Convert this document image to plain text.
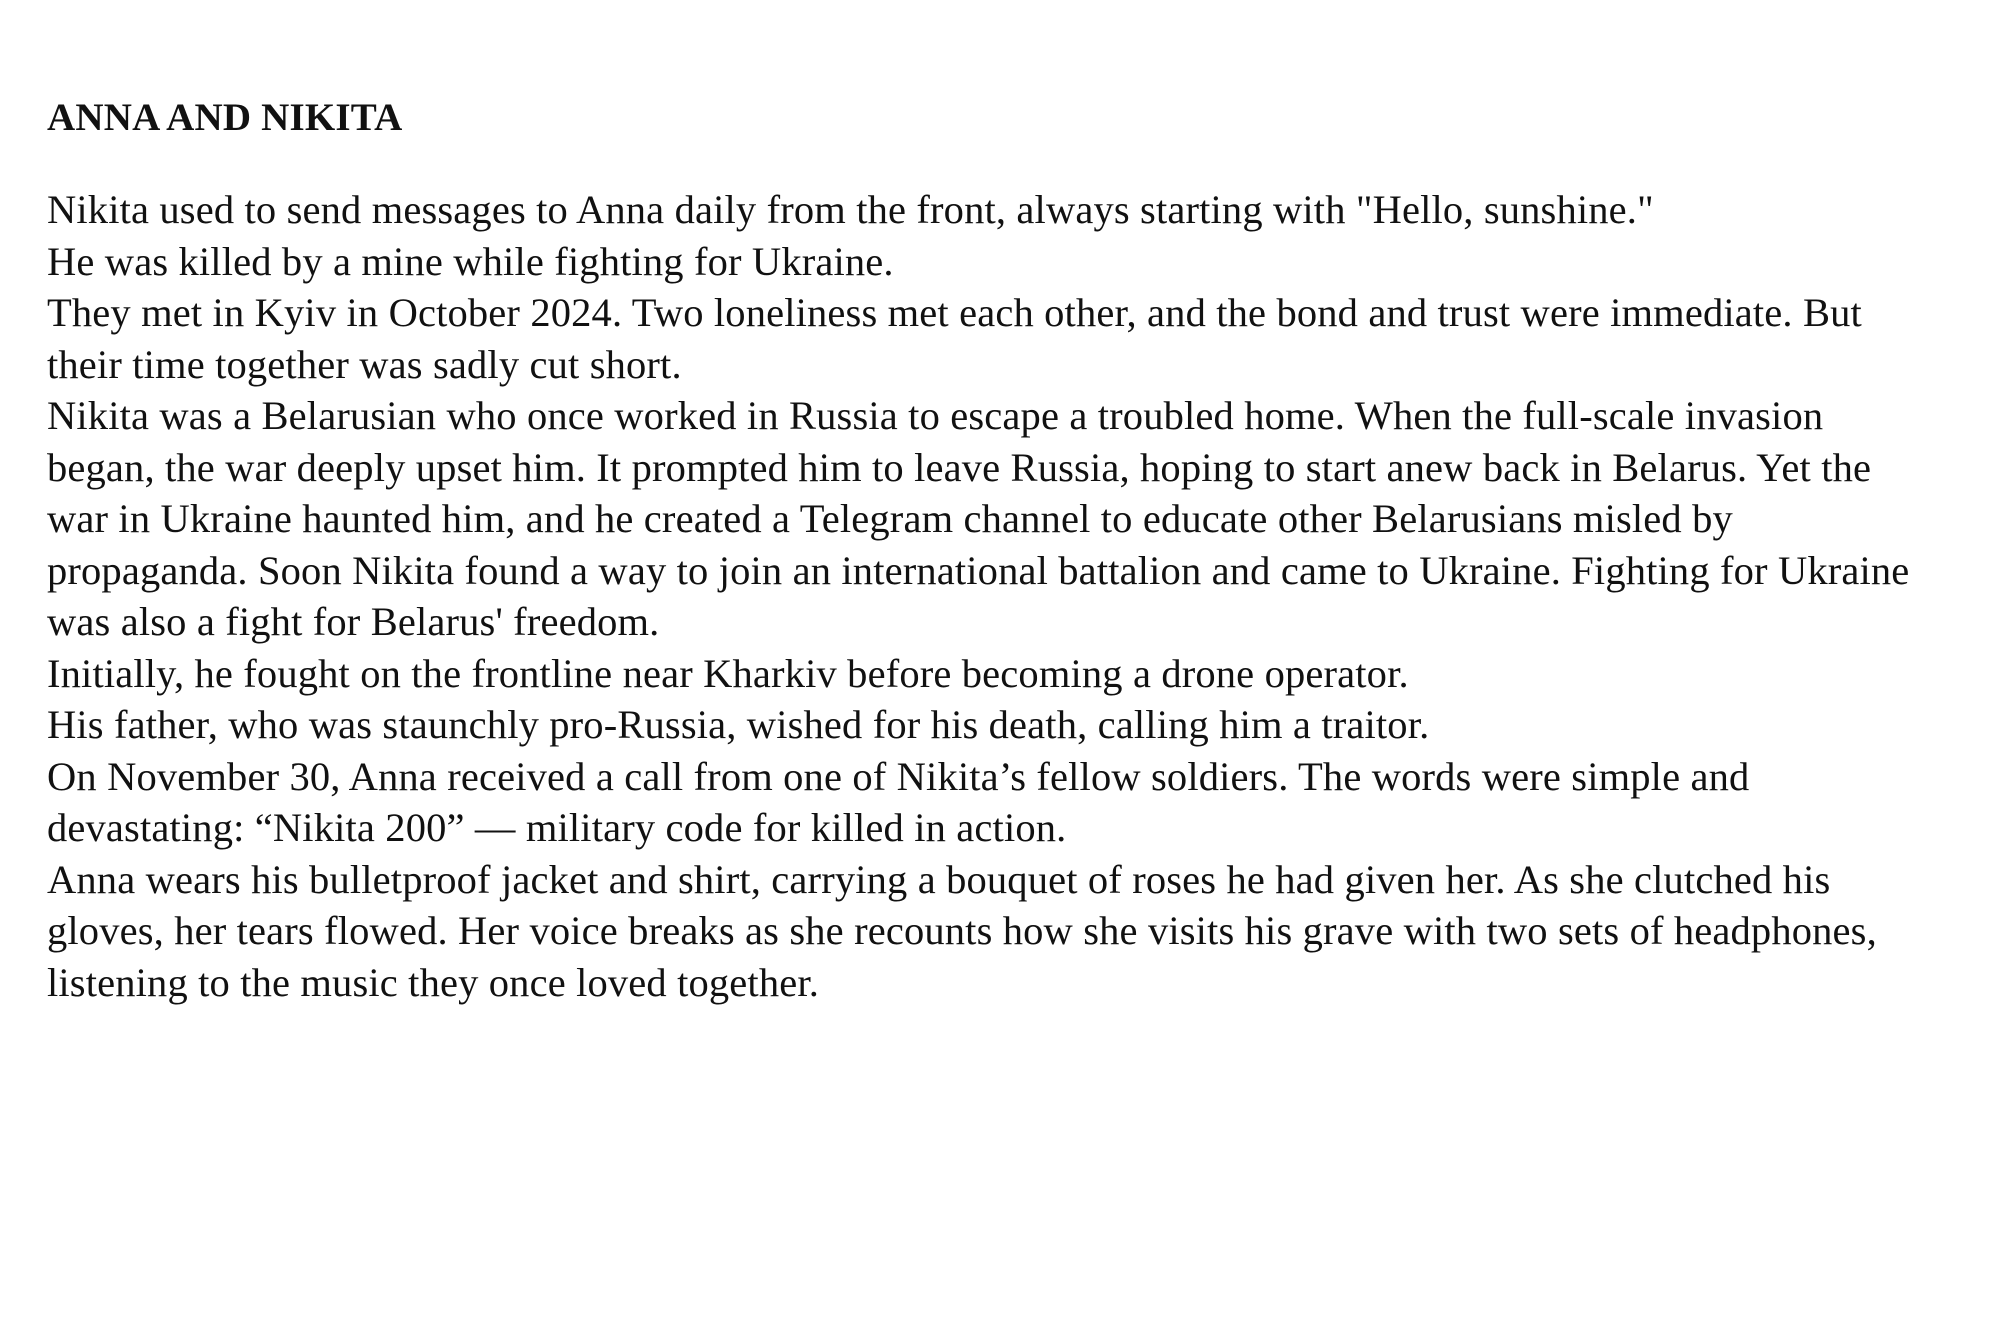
ANNA AND NIKITA

Nikita used to send messages to Anna daily from the front, always starting with "Hello, sunshine."

He was killed by a mine while fighting for Ukraine.

They met in Kyiv in October 2024. Two loneliness met each other, and the bond and trust were immediate. But their time together was sadly cut short.

Nikita was a Belarusian who once worked in Russia to escape a troubled home. When the full-scale invasion began, the war deeply upset him. It prompted him to leave Russia, hoping to start anew back in Belarus. Yet the war in Ukraine haunted him, and he created a Telegram channel to educate other Belarusians misled by propaganda. Soon Nikita found a way to join an international battalion and came to Ukraine. Fighting for Ukraine was also a fight for Belarus' freedom.

Initially, he fought on the frontline near Kharkiv before becoming a drone operator.

His father, who was staunchly pro-Russia, wished for his death, calling him a traitor.

On November 30, Anna received a call from one of Nikita’s fellow soldiers. The words were simple and devastating: “Nikita 200” — military code for killed in action.

Anna wears his bulletproof jacket and shirt, carrying a bouquet of roses he had given her. As she clutched his gloves, her tears flowed. Her voice breaks as she recounts how she visits his grave with two sets of headphones, listening to the music they once loved together.
